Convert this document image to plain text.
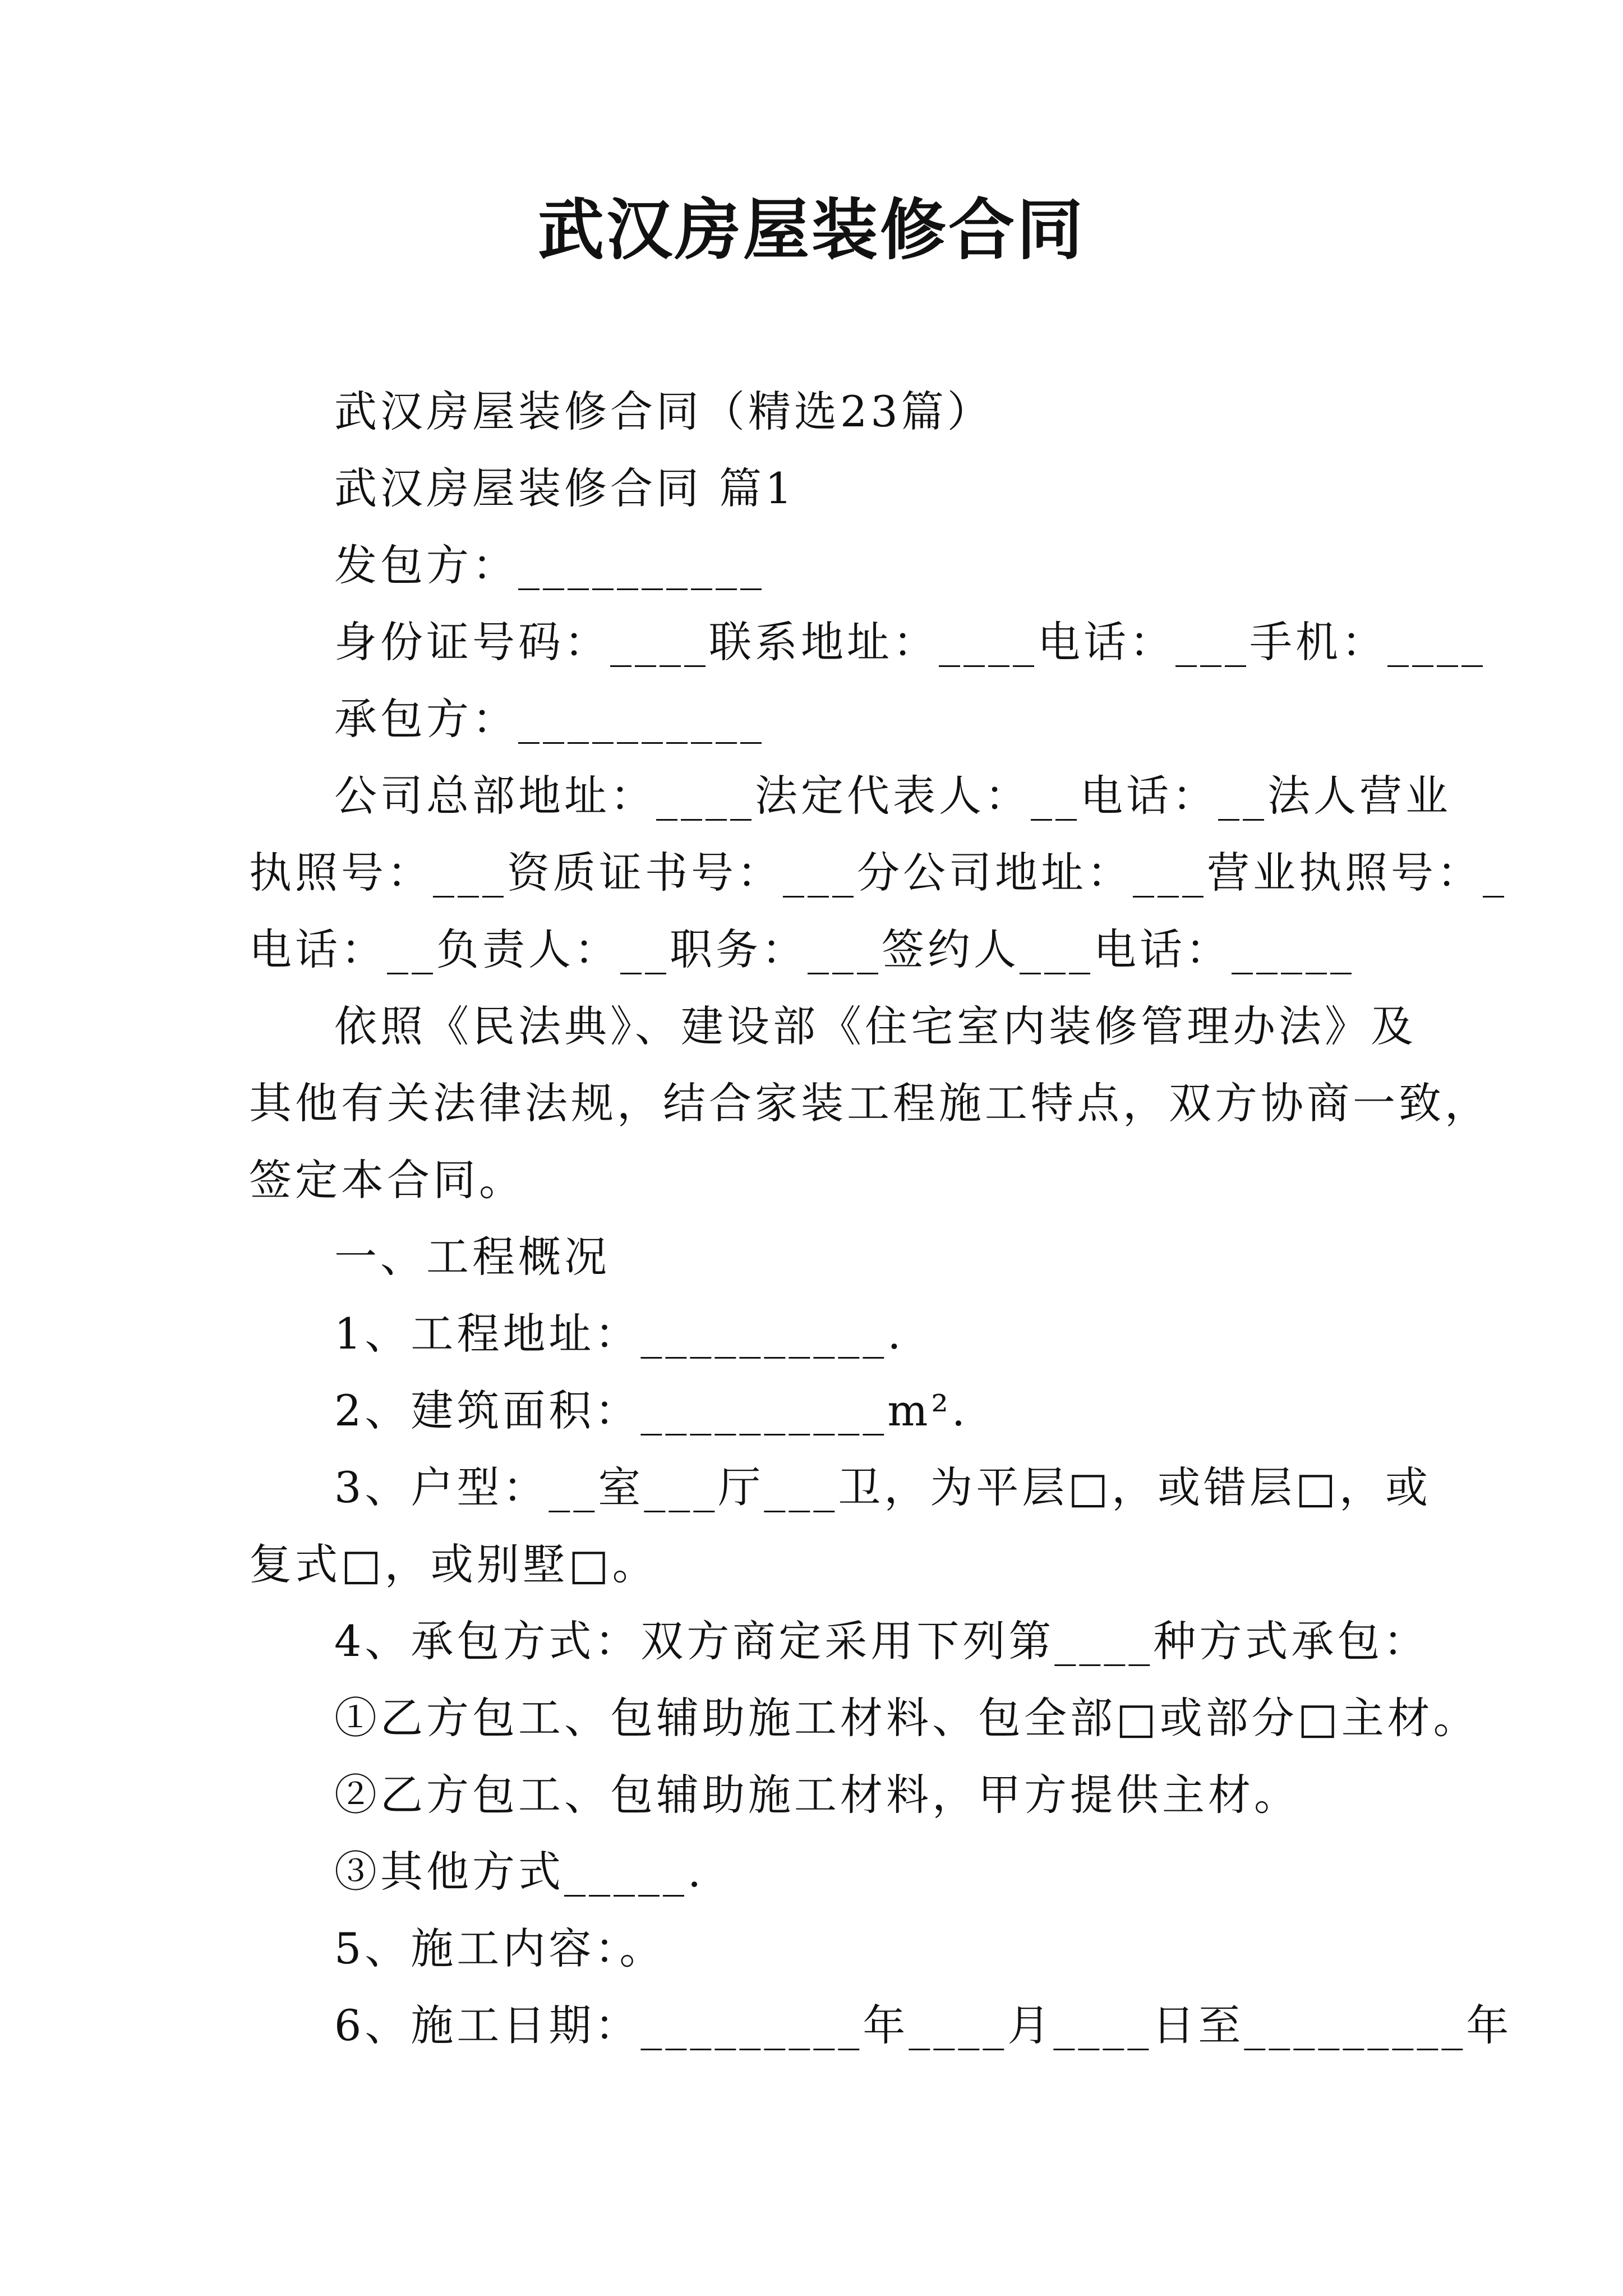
武汉房屋装修合同
武汉房屋装修合同（精选23篇）
武汉房屋装修合同 篇1
发包方：__________
身份证号码：____联系地址：____电话：___手机：____
承包方：__________
公司总部地址：____法定代表人：__电话：__法人营业
执照号：___资质证书号：___分公司地址：___营业执照号：_
电话：__负责人：__职务：___签约人___电话：_____
依照《民法典》、建设部《住宅室内装修管理办法》及
其他有关法律法规，结合家装工程施工特点，双方协商一致，
签定本合同。
一、工程概况
1、工程地址：__________.
2、建筑面积：__________m².
3、户型：__室___厅___卫，为平层□，或错层□，或
复式□，或别墅□。
4、承包方式：双方商定采用下列第____种方式承包：
①乙方包工、包辅助施工材料、包全部□或部分□主材。
②乙方包工、包辅助施工材料，甲方提供主材。
③其他方式_____.
5、施工内容：。
6、施工日期：_________年____月____日至_________年
